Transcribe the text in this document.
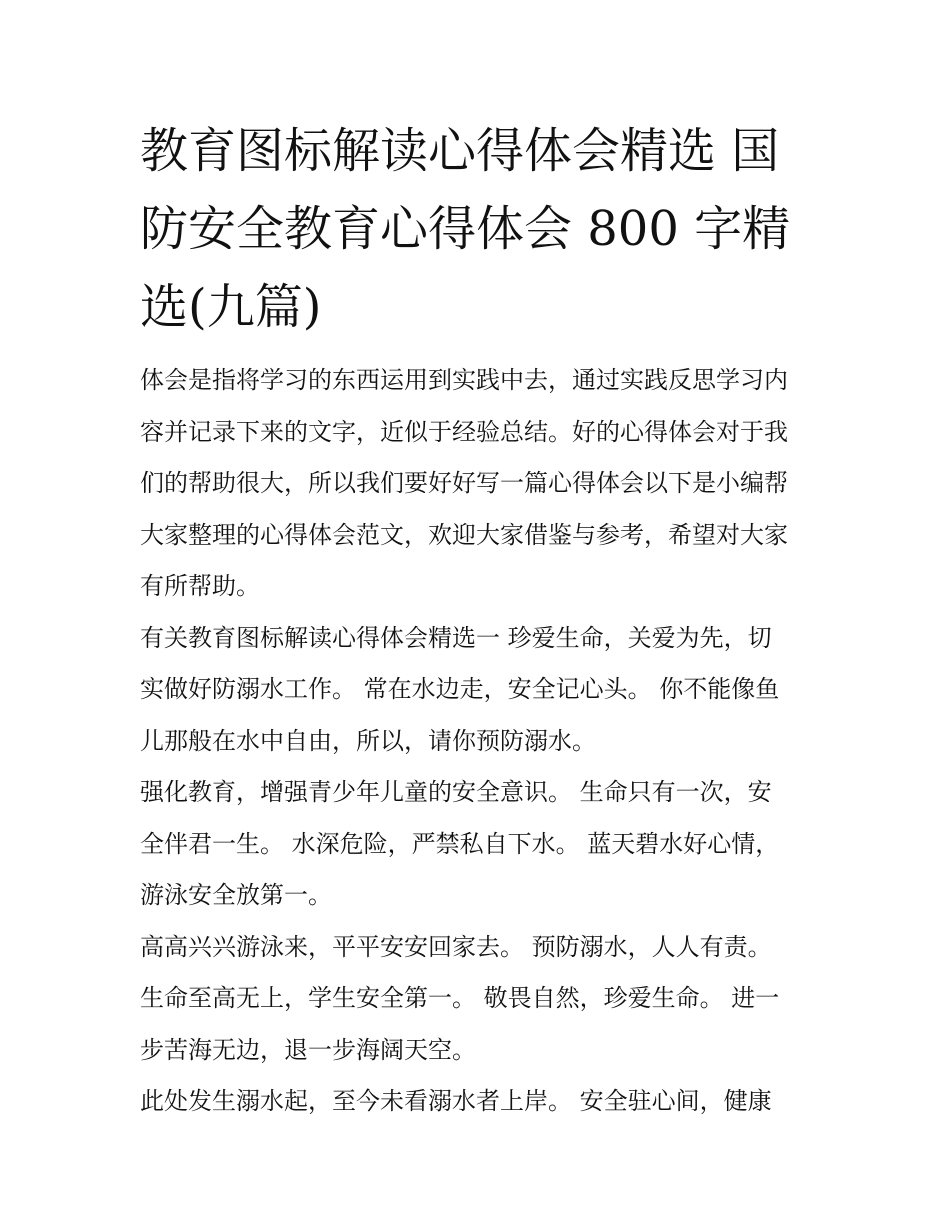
教育图标解读心得体会精选 国
防安全教育心得体会 800 字精
选(九篇)

体会是指将学习的东西运用到实践中去，通过实践反思学习内
容并记录下来的文字，近似于经验总结。好的心得体会对于我
们的帮助很大，所以我们要好好写一篇心得体会以下是小编帮
大家整理的心得体会范文，欢迎大家借鉴与参考，希望对大家
有所帮助。

有关教育图标解读心得体会精选一 珍爱生命，关爱为先，切
实做好防溺水工作。 常在水边走，安全记心头。 你不能像鱼
儿那般在水中自由，所以，请你预防溺水。

强化教育，增强青少年儿童的安全意识。 生命只有一次，安
全伴君一生。 水深危险，严禁私自下水。 蓝天碧水好心情，
游泳安全放第一。

高高兴兴游泳来，平平安安回家去。 预防溺水，人人有责。
生命至高无上，学生安全第一。 敬畏自然，珍爱生命。 进一
步苦海无边，退一步海阔天空。

此处发生溺水起，至今未看溺水者上岸。 安全驻心间，健康
